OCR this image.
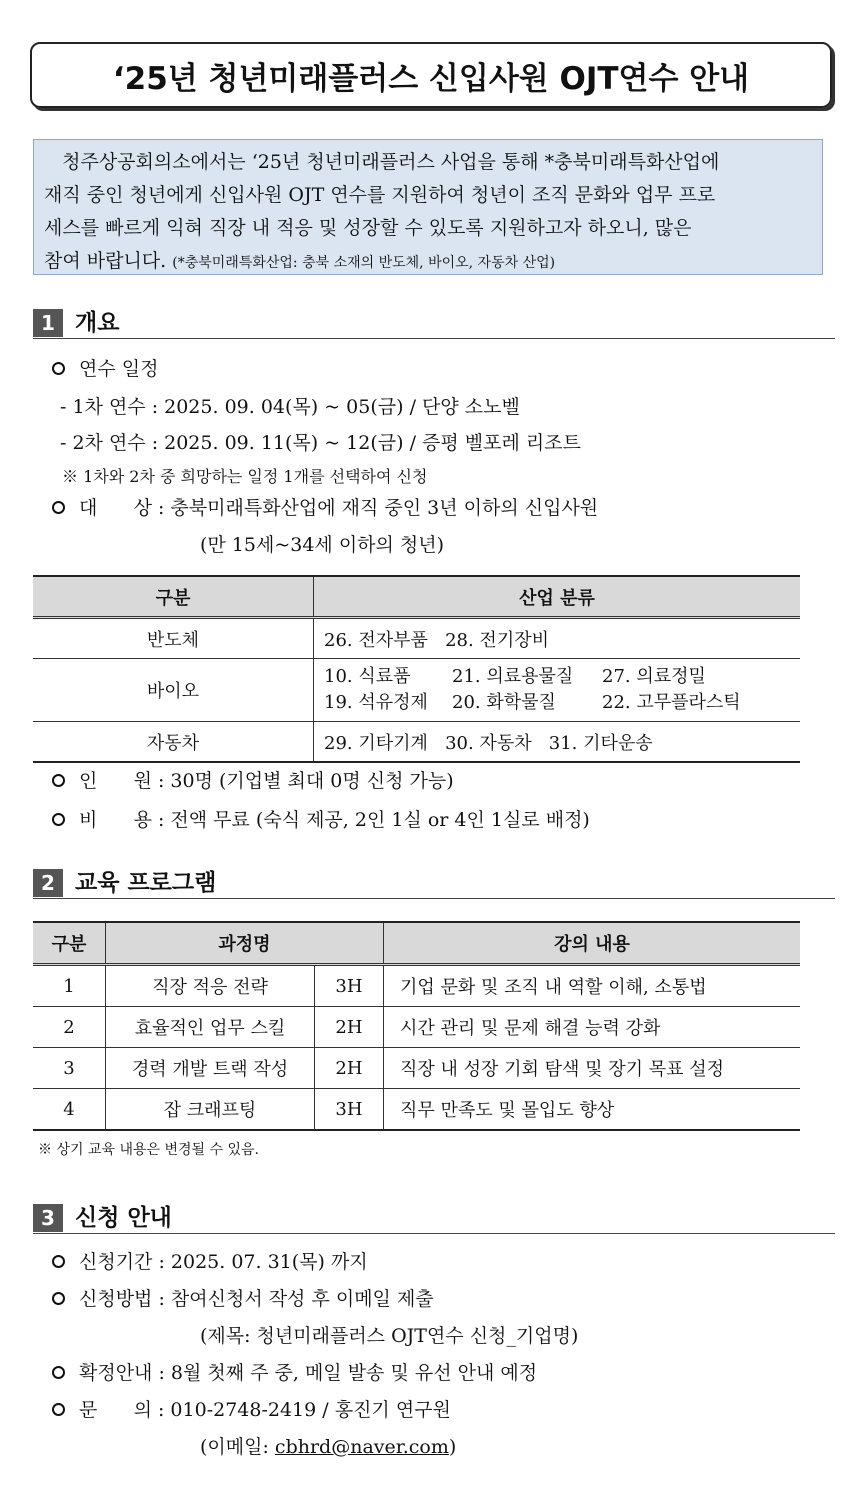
‘25년 청년미래플러스 신입사원 OJT연수 안내
청주상공회의소에서는 ‘25년 청년미래플러스 사업을 통해 *충북미래특화산업에
재직 중인 청년에게 신입사원 OJT 연수를 지원하여 청년이 조직 문화와 업무 프로
세스를 빠르게 익혀 직장 내 적응 및 성장할 수 있도록 지원하고자 하오니, 많은
참여 바랍니다. (*충북미래특화산업: 충북 소재의 반도체, 바이오, 자동차 산업)
1 개요
연수 일정
- 1차 연수 : 2025. 09. 04(목) ~ 05(금) / 단양 소노벨
- 2차 연수 : 2025. 09. 11(목) ~ 12(금) / 증평 벨포레 리조트
※ 1차와 2차 중 희망하는 일정 1개를 선택하여 신청
대      상 : 충북미래특화산업에 재직 중인 3년 이하의 신입사원
(만 15세~34세 이하의 청년)
구분	산업 분류
반도체	26. 전자부품 28. 전기장비
바이오	10. 식료품 21. 의료용물질 27. 의료정밀
19. 석유정제 20. 화학물질 22. 고무플라스틱

자동차	29. 기타기계 30. 자동차 31. 기타운송
인      원 : 30명 (기업별 최대 0명 신청 가능)
비      용 : 전액 무료 (숙식 제공, 2인 1실 or 4인 1실로 배정)
2 교육 프로그램
구분	과정명		강의 내용
1	직장 적응 전략	3H	기업 문화 및 조직 내 역할 이해, 소통법
2	효율적인 업무 스킬	2H	시간 관리 및 문제 해결 능력 강화
3	경력 개발 트랙 작성	2H	직장 내 성장 기회 탐색 및 장기 목표 설정
4	잡 크래프팅	3H	직무 만족도 및 몰입도 향상
※ 상기 교육 내용은 변경될 수 있음.
3 신청 안내
신청기간 : 2025. 07. 31(목) 까지
신청방법 : 참여신청서 작성 후 이메일 제출
(제목: 청년미래플러스 OJT연수 신청_기업명)
확정안내 : 8월 첫째 주 중, 메일 발송 및 유선 안내 예정
문      의 : 010-2748-2419 / 홍진기 연구원
(이메일: cbhrd@naver.com)
